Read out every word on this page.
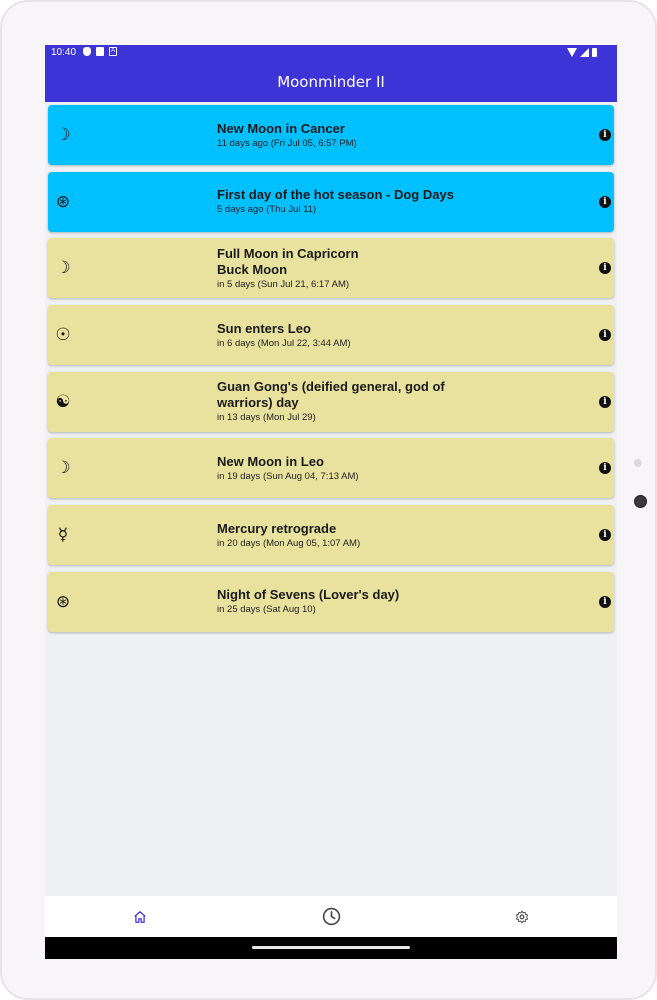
10:40	A
Moonminder II
☽	New Moon in Cancer
11 days ago (Fri Jul 05, 6:57 PM)
i
⊛	First day of the hot season - Dog Days
5 days ago (Thu Jul 11)
i
☽
Full Moon in Capricorn
Buck Moon
in 5 days (Sun Jul 21, 6:17 AM)
i
☉	Sun enters Leo
in 6 days (Mon Jul 22, 3:44 AM)
i
☯
Guan Gong's (deified general, god of warriors) day
in 13 days (Mon Jul 29)
i
☽	New Moon in Leo
in 19 days (Sun Aug 04, 7:13 AM)
i
☿	Mercury retrograde
in 20 days (Mon Aug 05, 1:07 AM)
i
⊛	Night of Sevens (Lover's day)
in 25 days (Sat Aug 10)
i
